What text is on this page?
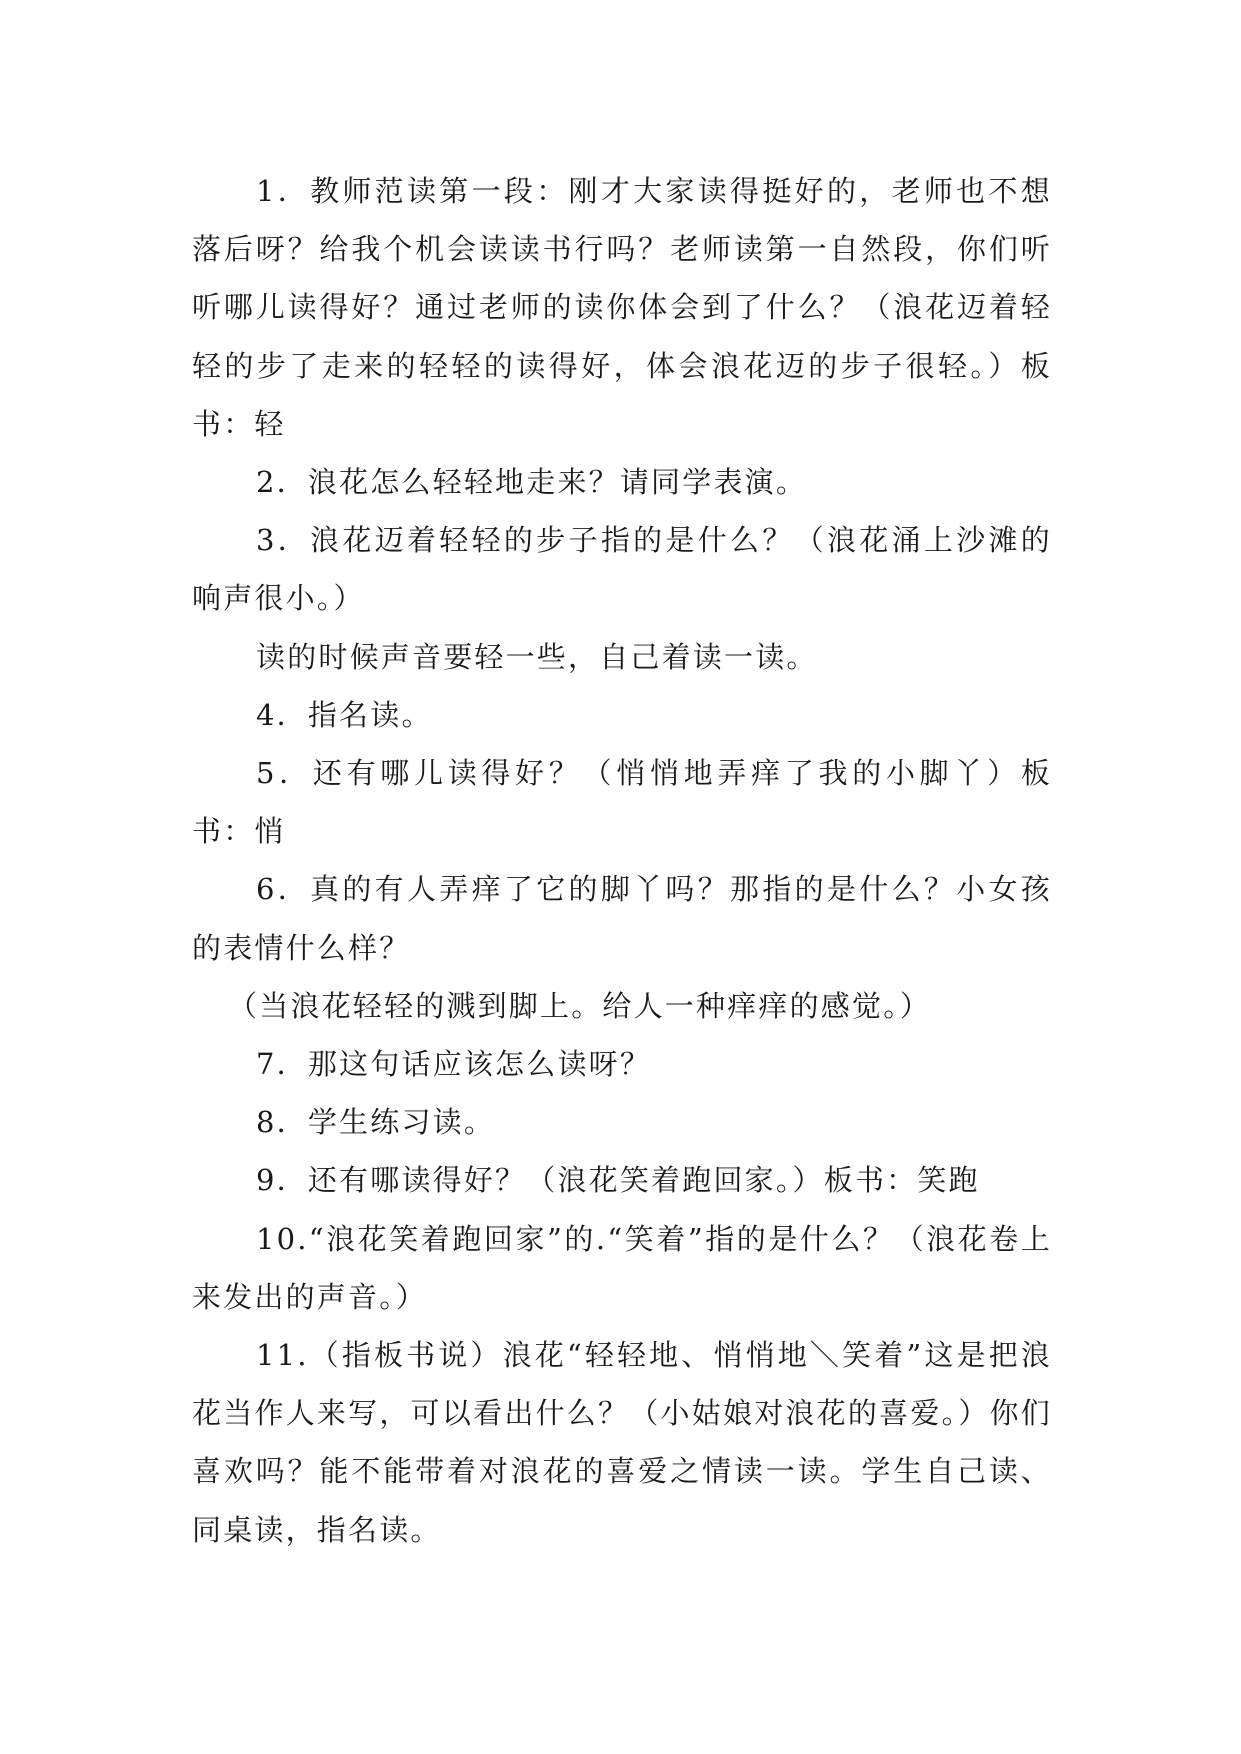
1．教师范读第一段：刚才大家读得挺好的，老师也不想落后呀？给我个机会读读书行吗？老师读第一自然段，你们听听哪儿读得好？通过老师的读你体会到了什么？（浪花迈着轻轻的步了走来的轻轻的读得好，体会浪花迈的步子很轻。）板书：轻

2．浪花怎么轻轻地走来？请同学表演。

3．浪花迈着轻轻的步子指的是什么？（浪花涌上沙滩的响声很小。）

读的时候声音要轻一些，自己着读一读。

4．指名读。

5．还有哪儿读得好？（悄悄地弄痒了我的小脚丫）板书：悄

6．真的有人弄痒了它的脚丫吗？那指的是什么？小女孩的表情什么样？

（当浪花轻轻的溅到脚上。给人一种痒痒的感觉。）

7．那这句话应该怎么读呀？

8．学生练习读。

9．还有哪读得好？（浪花笑着跑回家。）板书：笑跑

10.“浪花笑着跑回家”的.“笑着”指的是什么？（浪花卷上来发出的声音。）

11.（指板书说）浪花“轻轻地、悄悄地＼笑着”这是把浪花当作人来写，可以看出什么？（小姑娘对浪花的喜爱。）你们喜欢吗？能不能带着对浪花的喜爱之情读一读。学生自己读、同桌读，指名读。
